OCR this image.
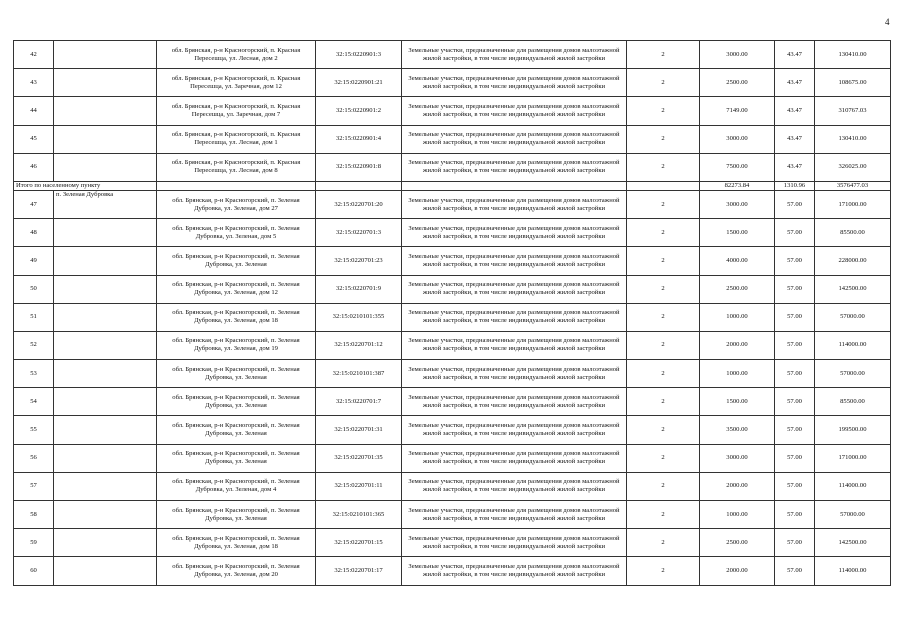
4
42		обл. Брянская, р-н Красногорский, п. Красная Пересешца, ул. Лесная, дом 2	32:15:0220901:3	Земельные участки, предназначенные для размещения домов малоэтажной жилой застройки, в том числе индивидуальной жилой застройки	2	3000.00	43.47	130410.00
43		обл. Брянская, р-н Красногорский, п. Красная Пересешца, ул. Заречная, дом 12	32:15:0220901:21	Земельные участки, предназначенные для размещения домов малоэтажной жилой застройки, в том числе индивидуальной жилой застройки	2	2500.00	43.47	108675.00
44		обл. Брянская, р-н Красногорский, п. Красная Пересешца, ул. Заречная, дом 7	32:15:0220901:2	Земельные участки, предназначенные для размещения домов малоэтажной жилой застройки, в том числе индивидуальной жилой застройки	2	7149.00	43.47	310767.03
45		обл. Брянская, р-н Красногорский, п. Красная Пересешца, ул. Лесная, дом 1	32:15:0220901:4	Земельные участки, предназначенные для размещения домов малоэтажной жилой застройки, в том числе индивидуальной жилой застройки	2	3000.00	43.47	130410.00
46		обл. Брянская, р-н Красногорский, п. Красная Пересешца, ул. Лесная, дом 8	32:15:0220901:8	Земельные участки, предназначенные для размещения домов малоэтажной жилой застройки, в том числе индивидуальной жилой застройки	2	7500.00	43.47	326025.00
Итого по населенному пункту						82273.84	1310.96	3576477.03
47	п. Зеленая Дубровка	обл. Брянская, р-н Красногорский, п. Зеленая Дубровка, ул. Зеленая, дом 27	32:15:0220701:20	Земельные участки, предназначенные для размещения домов малоэтажной жилой застройки, в том числе индивидуальной жилой застройки	2	3000.00	57.00	171000.00
48		обл. Брянская, р-н Красногорский, п. Зеленая Дубровка, ул. Зеленая, дом 5	32:15:0220701:3	Земельные участки, предназначенные для размещения домов малоэтажной жилой застройки, в том числе индивидуальной жилой застройки	2	1500.00	57.00	85500.00
49		обл. Брянская, р-н Красногорский, п. Зеленая Дубровка, ул. Зеленая	32:15:0220701:23	Земельные участки, предназначенные для размещения домов малоэтажной жилой застройки, в том числе индивидуальной жилой застройки	2	4000.00	57.00	228000.00
50		обл. Брянская, р-н Красногорский, п. Зеленая Дубровка, ул. Зеленая, дом 12	32:15:0220701:9	Земельные участки, предназначенные для размещения домов малоэтажной жилой застройки, в том числе индивидуальной жилой застройки	2	2500.00	57.00	142500.00
51		обл. Брянская, р-н Красногорский, п. Зеленая Дубровка, ул. Зеленая, дом 18	32:15:0210101:355	Земельные участки, предназначенные для размещения домов малоэтажной жилой застройки, в том числе индивидуальной жилой застройки	2	1000.00	57.00	57000.00
52		обл. Брянская, р-н Красногорский, п. Зеленая Дубровка, ул. Зеленая, дом 19	32:15:0220701:12	Земельные участки, предназначенные для размещения домов малоэтажной жилой застройки, в том числе индивидуальной жилой застройки	2	2000.00	57.00	114000.00
53		обл. Брянская, р-н Красногорский, п. Зеленая Дубровка, ул. Зеленая	32:15:0210101:387	Земельные участки, предназначенные для размещения домов малоэтажной жилой застройки, в том числе индивидуальной жилой застройки	2	1000.00	57.00	57000.00
54		обл. Брянская, р-н Красногорский, п. Зеленая Дубровка, ул. Зеленая	32:15:0220701:7	Земельные участки, предназначенные для размещения домов малоэтажной жилой застройки, в том числе индивидуальной жилой застройки	2	1500.00	57.00	85500.00
55		обл. Брянская, р-н Красногорский, п. Зеленая Дубровка, ул. Зеленая	32:15:0220701:31	Земельные участки, предназначенные для размещения домов малоэтажной жилой застройки, в том числе индивидуальной жилой застройки	2	3500.00	57.00	199500.00
56		обл. Брянская, р-н Красногорский, п. Зеленая Дубровка, ул. Зеленая	32:15:0220701:35	Земельные участки, предназначенные для размещения домов малоэтажной жилой застройки, в том числе индивидуальной жилой застройки	2	3000.00	57.00	171000.00
57		обл. Брянская, р-н Красногорский, п. Зеленая Дубровка, ул. Зеленая, дом 4	32:15:0220701:11	Земельные участки, предназначенные для размещения домов малоэтажной жилой застройки, в том числе индивидуальной жилой застройки	2	2000.00	57.00	114000.00
58		обл. Брянская, р-н Красногорский, п. Зеленая Дубровка, ул. Зеленая	32:15:0210101:365	Земельные участки, предназначенные для размещения домов малоэтажной жилой застройки, в том числе индивидуальной жилой застройки	2	1000.00	57.00	57000.00
59		обл. Брянская, р-н Красногорский, п. Зеленая Дубровка, ул. Зеленая, дом 18	32:15:0220701:15	Земельные участки, предназначенные для размещения домов малоэтажной жилой застройки, в том числе индивидуальной жилой застройки	2	2500.00	57.00	142500.00
60		обл. Брянская, р-н Красногорский, п. Зеленая Дубровка, ул. Зеленая, дом 20	32:15:0220701:17	Земельные участки, предназначенные для размещения домов малоэтажной жилой застройки, в том числе индивидуальной жилой застройки	2	2000.00	57.00	114000.00
